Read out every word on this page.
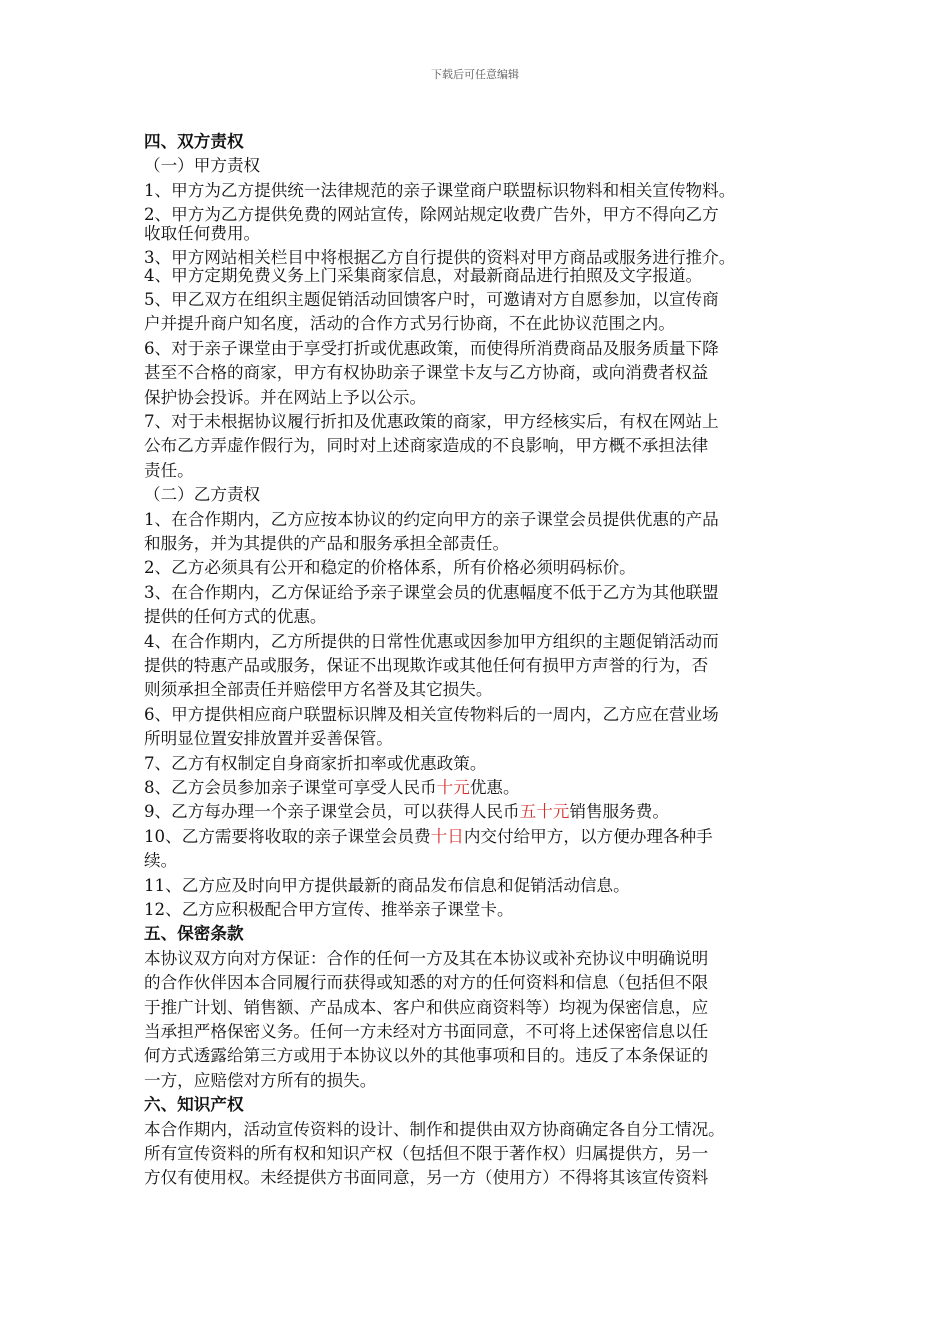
下载后可任意编辑
四、双方责权
（一）甲方责权
1、甲方为乙方提供统一法律规范的亲子课堂商户联盟标识物料和相关宣传物料。
2、甲方为乙方提供免费的网站宣传，除网站规定收费广告外，甲方不得向乙方
收取任何费用。
3、甲方网站相关栏目中将根据乙方自行提供的资料对甲方商品或服务进行推介。
4、甲方定期免费义务上门采集商家信息，对最新商品进行拍照及文字报道。
5、甲乙双方在组织主题促销活动回馈客户时，可邀请对方自愿参加，以宣传商
户并提升商户知名度，活动的合作方式另行协商，不在此协议范围之内。
6、对于亲子课堂由于享受打折或优惠政策，而使得所消费商品及服务质量下降
甚至不合格的商家，甲方有权协助亲子课堂卡友与乙方协商，或向消费者权益
保护协会投诉。并在网站上予以公示。
7、对于未根据协议履行折扣及优惠政策的商家，甲方经核实后，有权在网站上
公布乙方弄虚作假行为，同时对上述商家造成的不良影响，甲方概不承担法律
责任。
（二）乙方责权
1、在合作期内，乙方应按本协议的约定向甲方的亲子课堂会员提供优惠的产品
和服务，并为其提供的产品和服务承担全部责任。
2、乙方必须具有公开和稳定的价格体系，所有价格必须明码标价。
3、在合作期内，乙方保证给予亲子课堂会员的优惠幅度不低于乙方为其他联盟
提供的任何方式的优惠。
4、在合作期内，乙方所提供的日常性优惠或因参加甲方组织的主题促销活动而
提供的特惠产品或服务，保证不出现欺诈或其他任何有损甲方声誉的行为，否
则须承担全部责任并赔偿甲方名誉及其它损失。
6、甲方提供相应商户联盟标识牌及相关宣传物料后的一周内，乙方应在营业场
所明显位置安排放置并妥善保管。
7、乙方有权制定自身商家折扣率或优惠政策。
8、乙方会员参加亲子课堂可享受人民币十元优惠。
9、乙方每办理一个亲子课堂会员，可以获得人民币五十元销售服务费。
10、乙方需要将收取的亲子课堂会员费十日内交付给甲方，以方便办理各种手
续。
11、乙方应及时向甲方提供最新的商品发布信息和促销活动信息。
12、乙方应积极配合甲方宣传、推举亲子课堂卡。
五、保密条款
本协议双方向对方保证：合作的任何一方及其在本协议或补充协议中明确说明
的合作伙伴因本合同履行而获得或知悉的对方的任何资料和信息（包括但不限
于推广计划、销售额、产品成本、客户和供应商资料等）均视为保密信息，应
当承担严格保密义务。任何一方未经对方书面同意，不可将上述保密信息以任
何方式透露给第三方或用于本协议以外的其他事项和目的。违反了本条保证的
一方，应赔偿对方所有的损失。
六、知识产权
本合作期内，活动宣传资料的设计、制作和提供由双方协商确定各自分工情况。
所有宣传资料的所有权和知识产权（包括但不限于著作权）归属提供方，另一
方仅有使用权。未经提供方书面同意，另一方（使用方）不得将其该宣传资料
